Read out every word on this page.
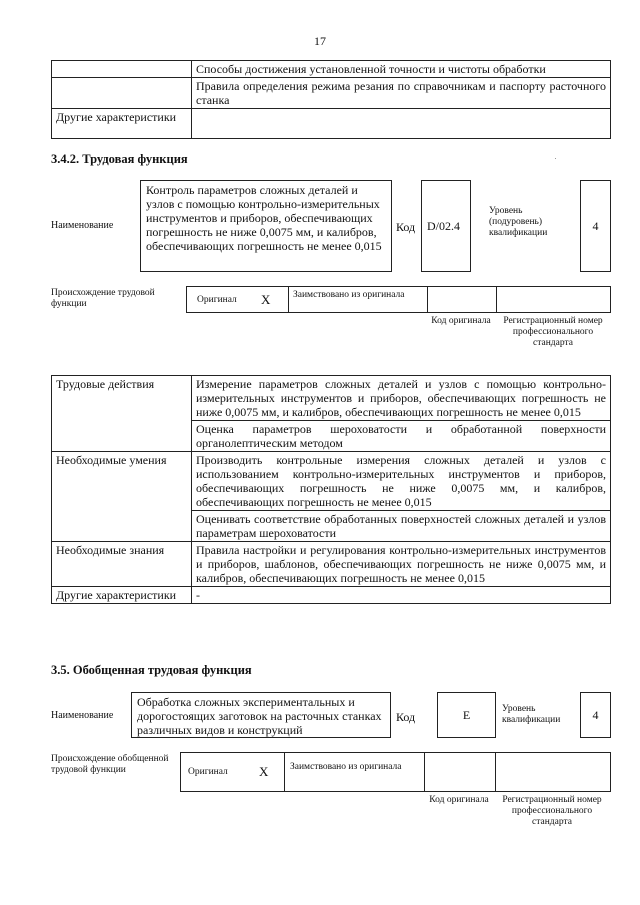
17
	Способы достижения установленной точности и чистоты обработки
	Правила определения режима резания по справочникам и паспорту расточного станка
Другие характеристики	
3.4.2. Трудовая функция
Наименование
Контроль параметров сложных деталей и узлов с помощью контрольно-измерительных инструментов и приборов, обеспечивающих погрешность не ниже 0,0075 мм, и калибров, обеспечивающих погрешность не менее 0,015
Код D/02.4
Уровень (подуровень) квалификации	4
Происхождение трудовой функции	Оригинал X Заимствовано из оригинала
Код оригинала	Регистрационный номер профессионального стандарта
Трудовые действия	Измерение параметров сложных деталей и узлов с помощью контрольно-измерительных инструментов и приборов, обеспечивающих погрешность не ниже 0,0075 мм, и калибров, обеспечивающих погрешность не менее 0,015
	Оценка параметров шероховатости и обработанной поверхности органолептическим методом
Необходимые умения	Производить контрольные измерения сложных деталей и узлов с использованием контрольно-измерительных инструментов и приборов, обеспечивающих погрешность не ниже 0,0075 мм, и калибров, обеспечивающих погрешность не менее 0,015
	Оценивать соответствие обработанных поверхностей сложных деталей и узлов параметрам шероховатости
Необходимые знания	Правила настройки и регулирования контрольно-измерительных инструментов и приборов, шаблонов, обеспечивающих погрешность не ниже 0,0075 мм, и калибров, обеспечивающих погрешность не менее 0,015
Другие характеристики	-
3.5. Обобщенная трудовая функция
Наименование
Обработка сложных экспериментальных и дорогостоящих заготовок на расточных станках различных видов и конструкций
Код	E	Уровень квалификации	4
Происхождение обобщенной трудовой функции	Оригинал X Заимствовано из оригинала
Код оригинала	Регистрационный номер профессионального стандарта
